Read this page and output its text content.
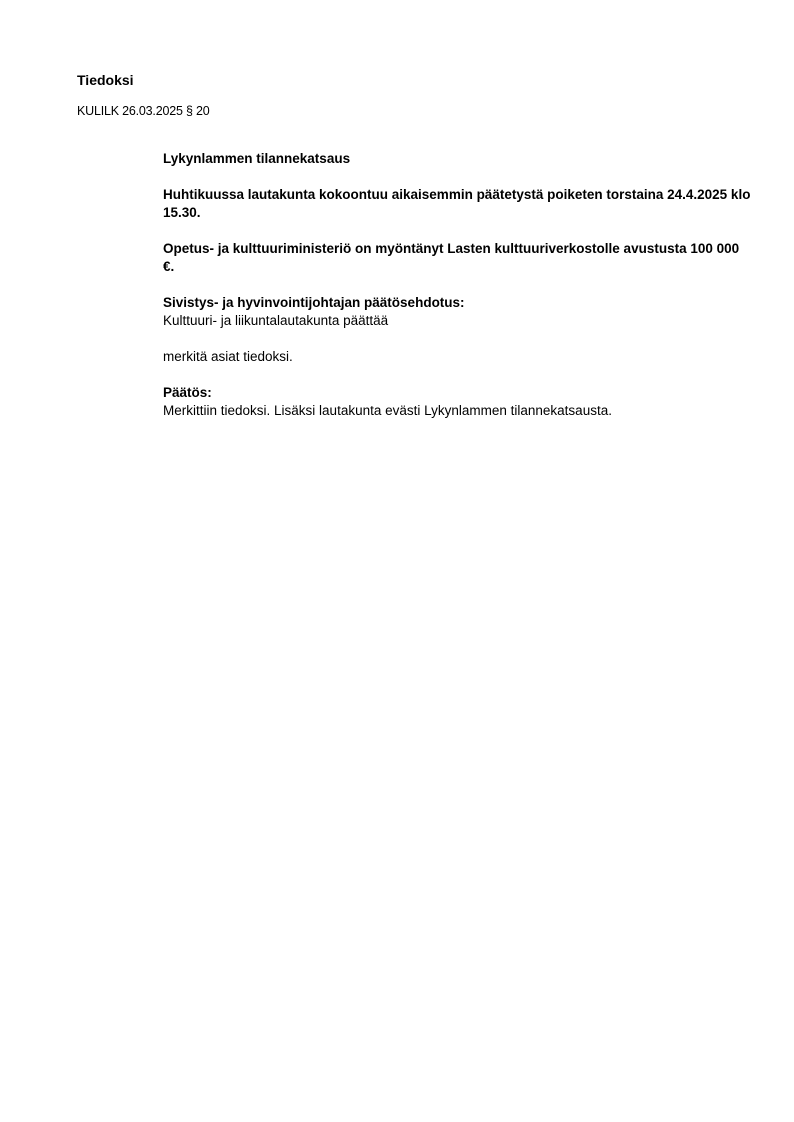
Tiedoksi

KULILK 26.03.2025 § 20

Lykynlammen tilannekatsaus

Huhtikuussa lautakunta kokoontuu aikaisemmin päätetystä poiketen torstaina 24.4.2025 klo 15.30.

Opetus- ja kulttuuriministeriö on myöntänyt Lasten kulttuuriverkostolle avustusta 100 000 €.

Sivistys- ja hyvinvointijohtajan päätösehdotus:

Kulttuuri- ja liikuntalautakunta päättää

merkitä asiat tiedoksi.

Päätös:

Merkittiin tiedoksi. Lisäksi lautakunta evästi Lykynlammen tilannekatsausta.
